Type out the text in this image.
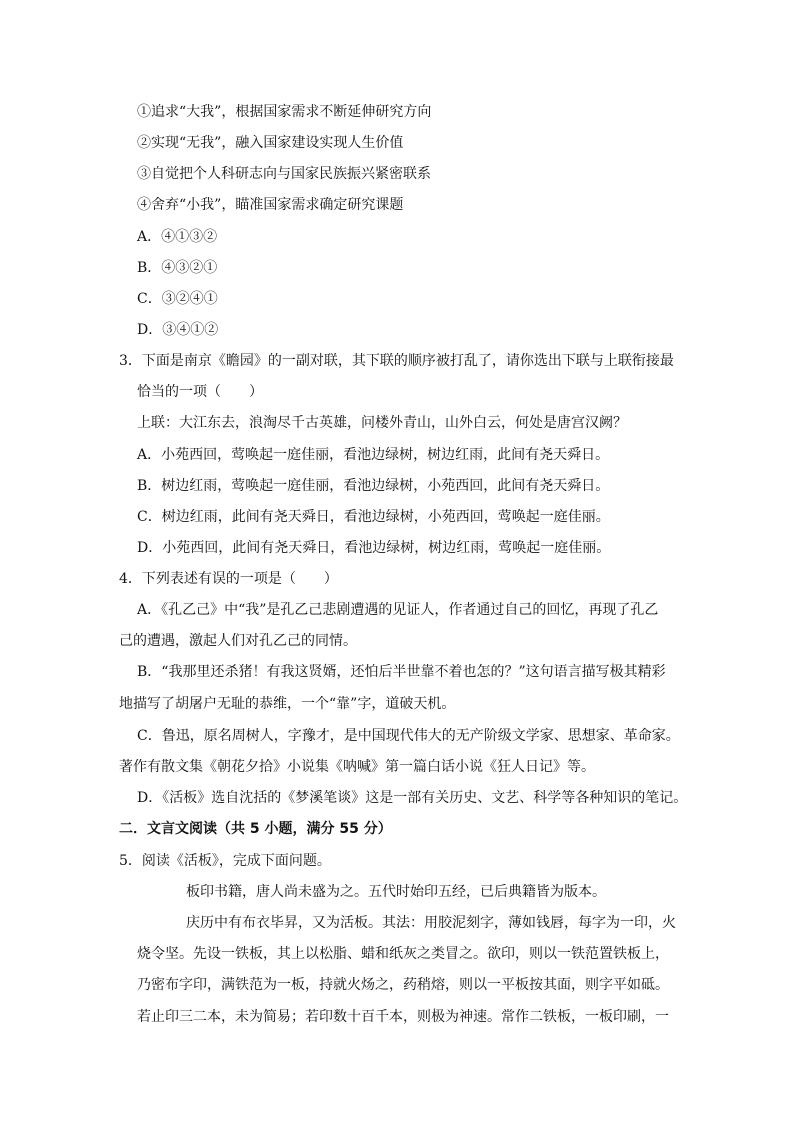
①追求“大我”，根据国家需求不断延伸研究方向
②实现“无我”，融入国家建设实现人生价值
③自觉把个人科研志向与国家民族振兴紧密联系
④舍弃“小我”，瞄准国家需求确定研究课题
A．④①③②
B．④③②①
C．③②④①
D．③④①②
3．下面是南京《瞻园》的一副对联，其下联的顺序被打乱了，请你选出下联与上联衔接最
恰当的一项（　　）
上联：大江东去，浪淘尽千古英雄，问楼外青山，山外白云，何处是唐宫汉阙？
A．小苑西回，莺唤起一庭佳丽，看池边绿树，树边红雨，此间有尧天舜日。
B．树边红雨，莺唤起一庭佳丽，看池边绿树，小苑西回，此间有尧天舜日。
C．树边红雨，此间有尧天舜日，看池边绿树，小苑西回，莺唤起一庭佳丽。
D．小苑西回，此间有尧天舜日，看池边绿树，树边红雨，莺唤起一庭佳丽。
4．下列表述有误的一项是（　　）
A．《孔乙己》中“我”是孔乙己悲剧遭遇的见证人，作者通过自己的回忆，再现了孔乙
己的遭遇，激起人们对孔乙己的同情。
B．“我那里还杀猪！有我这贤婿，还怕后半世靠不着也怎的？”这句语言描写极其精彩
地描写了胡屠户无耻的恭维，一个“靠”字，道破天机。
C．鲁迅，原名周树人，字豫才，是中国现代伟大的无产阶级文学家、思想家、革命家。
著作有散文集《朝花夕拾》小说集《呐喊》第一篇白话小说《狂人日记》等。
D．《活板》选自沈括的《梦溪笔谈》这是一部有关历史、文艺、科学等各种知识的笔记。
二．文言文阅读（共 5 小题，满分 55 分）
5．阅读《活板》，完成下面问题。
板印书籍，唐人尚未盛为之。五代时始印五经，已后典籍皆为版本。
庆历中有布衣毕昇，又为活板。其法：用胶泥刻字，薄如钱唇，每字为一印，火
烧令坚。先设一铁板，其上以松脂、蜡和纸灰之类冒之。欲印，则以一铁范置铁板上，
乃密布字印，满铁范为一板，持就火炀之，药稍熔，则以一平板按其面，则字平如砥。
若止印三二本，未为简易；若印数十百千本，则极为神速。常作二铁板，一板印刷，一
